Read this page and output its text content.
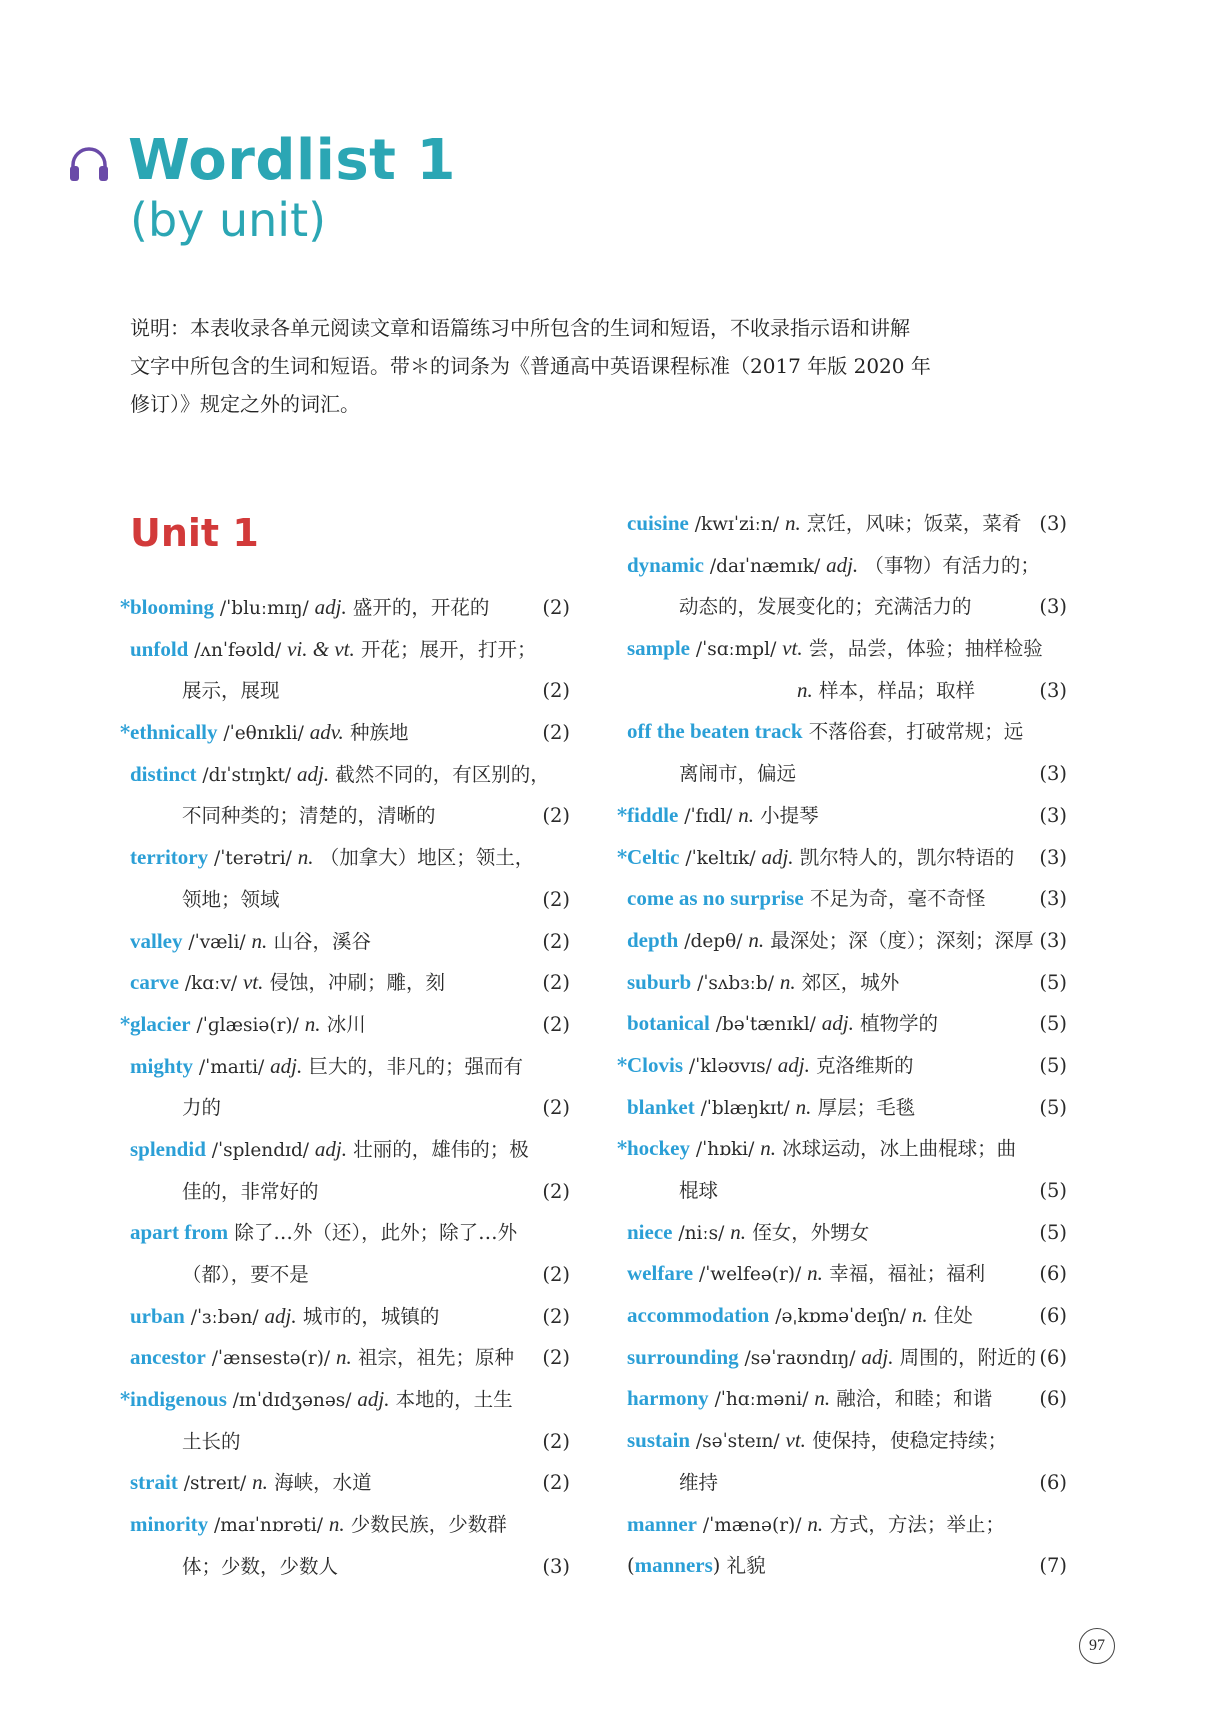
Wordlist 1
(by unit)

说明：本表收录各单元阅读文章和语篇练习中所包含的生词和短语，不收录指示语和讲解

文字中所包含的生词和短语。带＊的词条为《普通高中英语课程标准（2017 年版 2020 年

修订）》规定之外的词汇。

Unit 1
* blooming /ˈbluːmɪŋ/ adj. 盛开的，开花的	(2)
unfold /ʌnˈfəʊld/ vi. & vt. 开花；展开，打开；
展示，展现	(2)
* ethnically /ˈeθnɪkli/ adv. 种族地	(2)
distinct /dɪˈstɪŋkt/ adj. 截然不同的，有区别的，
不同种类的；清楚的，清晰的	(2)
territory /ˈterətri/ n. （加拿大）地区；领土，
领地；领域	(2)
valley /ˈvæli/ n. 山谷，溪谷	(2)
carve /kɑːv/ vt. 侵蚀，冲刷；雕，刻	(2)
* glacier /ˈɡlæsiə(r)/ n. 冰川	(2)
mighty /ˈmaɪti/ adj. 巨大的，非凡的；强而有
力的	(2)
splendid /ˈsplendɪd/ adj. 壮丽的，雄伟的；极
佳的，非常好的	(2)
apart from 除了…外（还），此外；除了…外
（都），要不是	(2)
urban /ˈɜːbən/ adj. 城市的，城镇的	(2)
ancestor /ˈænsestə(r)/ n. 祖宗，祖先；原种 (2)
* indigenous /ɪnˈdɪdʒənəs/ adj. 本地的，土生
土长的	(2)
strait /streɪt/ n. 海峡，水道	(2)
minority /maɪˈnɒrəti/ n. 少数民族，少数群
体；少数，少数人	(3)
cuisine /kwɪˈziːn/ n. 烹饪，风味；饭菜，菜肴 (3)
dynamic /daɪˈnæmɪk/ adj. （事物）有活力的；
动态的，发展变化的；充满活力的	(3)
sample /ˈsɑːmpl/ vt. 尝，品尝，体验；抽样检验
n. 样本，样品；取样	(3)
off the beaten track 不落俗套，打破常规；远
离闹市，偏远	(3)
* fiddle /ˈfɪdl/ n. 小提琴	(3)
* Celtic /ˈkeltɪk/ adj. 凯尔特人的，凯尔特语的 (3)
come as no surprise 不足为奇，毫不奇怪	(3)
depth /depθ/ n. 最深处；深（度）；深刻；深厚 (3)
suburb /ˈsʌbɜːb/ n. 郊区，城外	(5)
botanical /bəˈtænɪkl/ adj. 植物学的	(5)
* Clovis /ˈkləʊvɪs/ adj. 克洛维斯的	(5)
blanket /ˈblæŋkɪt/ n. 厚层；毛毯	(5)
* hockey /ˈhɒki/ n. 冰球运动，冰上曲棍球；曲
棍球	(5)
niece /niːs/ n. 侄女，外甥女	(5)
welfare /ˈwelfeə(r)/ n. 幸福，福祉；福利	(6)
accommodation /əˌkɒməˈdeɪʃn/ n. 住处	(6)
surrounding /səˈraʊndɪŋ/ adj. 周围的，附近的 (6)
harmony /ˈhɑːməni/ n. 融洽，和睦；和谐 (6)
sustain /səˈsteɪn/ vt. 使保持，使稳定持续；
维持	(6)
manner /ˈmænə(r)/ n. 方式，方法；举止；
(manners) 礼貌	(7)
97
